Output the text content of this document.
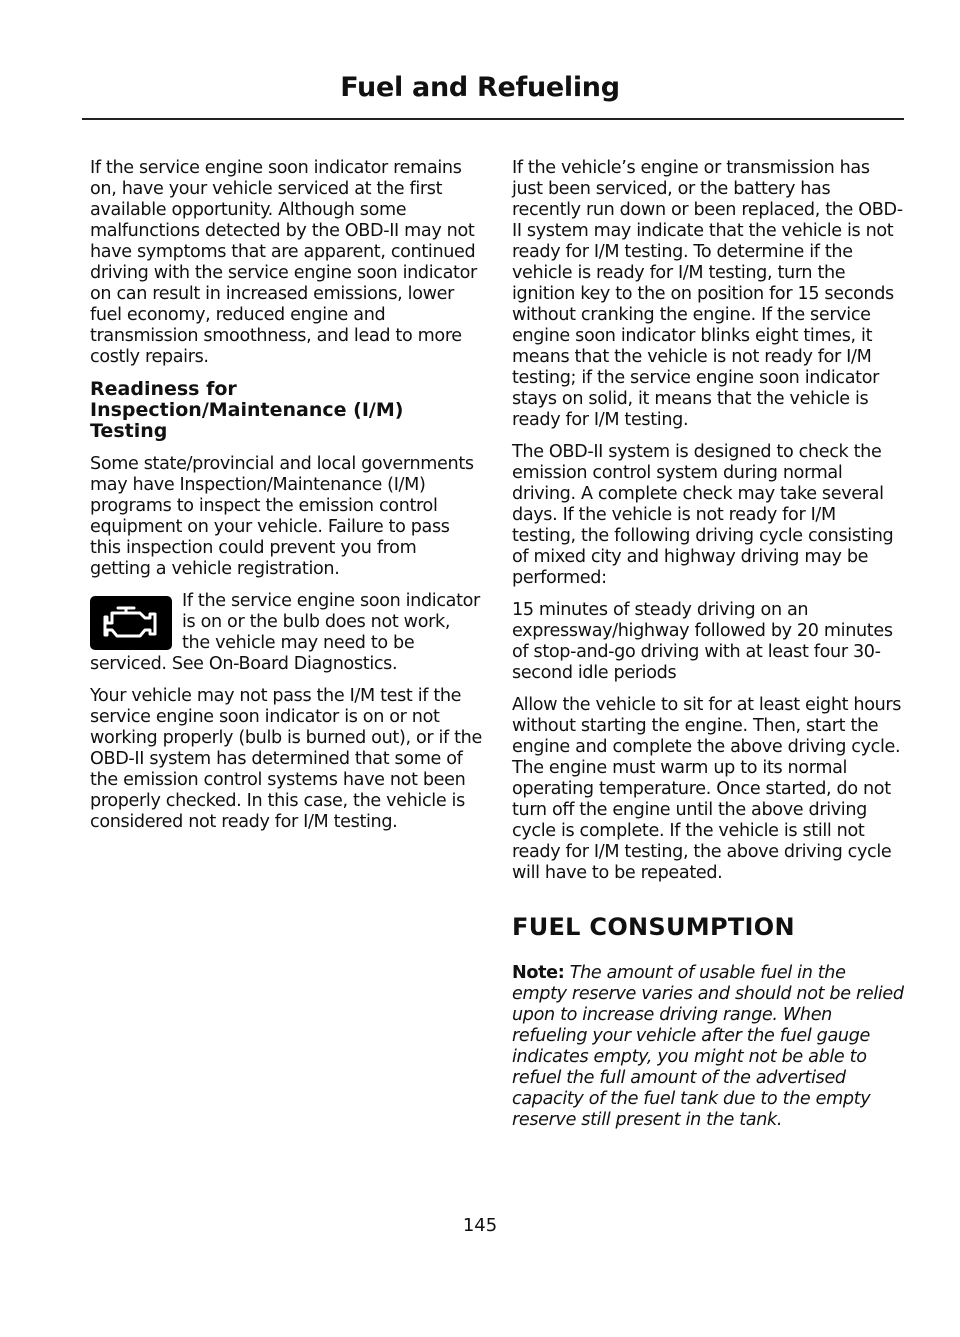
Fuel and Refueling

If the service engine soon indicator remains on, have your vehicle serviced at the first available opportunity. Although some malfunctions detected by the OBD-II may not have symptoms that are apparent, continued driving with the service engine soon indicator on can result in increased emissions, lower fuel economy, reduced engine and transmission smoothness, and lead to more costly repairs.

Readiness for Inspection/Maintenance (I/M) Testing

Some state/provincial and local governments may have Inspection/Maintenance (I/M) programs to inspect the emission control equipment on your vehicle. Failure to pass this inspection could prevent you from getting a vehicle registration.

If the service engine soon indicator is on or the bulb does not work, the vehicle may need to be serviced. See On-Board Diagnostics.

Your vehicle may not pass the I/M test if the service engine soon indicator is on or not working properly (bulb is burned out), or if the OBD-II system has determined that some of the emission control systems have not been properly checked. In this case, the vehicle is considered not ready for I/M testing.

If the vehicle’s engine or transmission has just been serviced, or the battery has recently run down or been replaced, the OBD-II system may indicate that the vehicle is not ready for I/M testing. To determine if the vehicle is ready for I/M testing, turn the ignition key to the on position for 15 seconds without cranking the engine. If the service engine soon indicator blinks eight times, it means that the vehicle is not ready for I/M testing; if the service engine soon indicator stays on solid, it means that the vehicle is ready for I/M testing.

The OBD-II system is designed to check the emission control system during normal driving. A complete check may take several days. If the vehicle is not ready for I/M testing, the following driving cycle consisting of mixed city and highway driving may be performed:

15 minutes of steady driving on an expressway/highway followed by 20 minutes of stop-and-go driving with at least four 30-second idle periods

Allow the vehicle to sit for at least eight hours without starting the engine. Then, start the engine and complete the above driving cycle. The engine must warm up to its normal operating temperature. Once started, do not turn off the engine until the above driving cycle is complete. If the vehicle is still not ready for I/M testing, the above driving cycle will have to be repeated.

FUEL CONSUMPTION

Note: The amount of usable fuel in the empty reserve varies and should not be relied upon to increase driving range. When refueling your vehicle after the fuel gauge indicates empty, you might not be able to refuel the full amount of the advertised capacity of the fuel tank due to the empty reserve still present in the tank.

145
